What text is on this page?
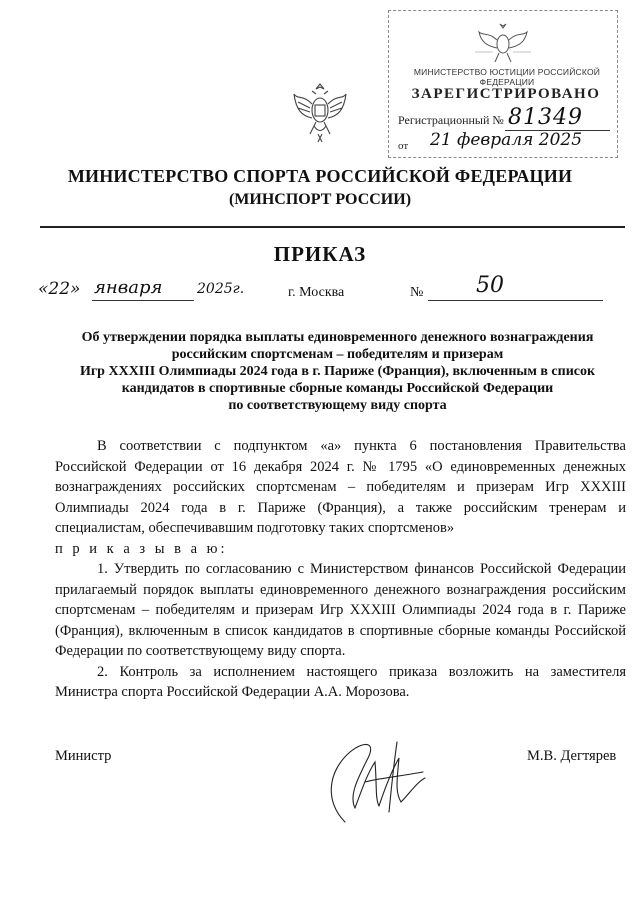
МИНИСТЕРСТВО ЮСТИЦИИ РОССИЙСКОЙ ФЕДЕРАЦИИ
ЗАРЕГИСТРИРОВАНО
Регистрационный № 81349
от 21 февраля 2025
МИНИСТЕРСТВО СПОРТА РОССИЙСКОЙ ФЕДЕРАЦИИ
(МИНСПОРТ РОССИИ)
ПРИКАЗ
«22» января 2025г.	г. Москва	№ 50
Об утверждении порядка выплаты единовременного денежного вознаграждения
российским спортсменам – победителям и призерам
Игр XXXIII Олимпиады 2024 года в г. Париже (Франция), включенным в список
кандидатов в спортивные сборные команды Российской Федерации
по соответствующему виду спорта

В соответствии с подпунктом «а» пункта 6 постановления Правительства Российской Федерации от 16 декабря 2024 г. № 1795 «О единовременных денежных вознаграждениях российских спортсменам – победителям и призерам Игр XXXIII Олимпиады 2024 года в г. Париже (Франция), а также российским тренерам и специалистам, обеспечивавшим подготовку таких спортсменов»

п р и к а з ы в а ю:

1. Утвердить по согласованию с Министерством финансов Российской Федерации прилагаемый порядок выплаты единовременного денежного вознаграждения российским спортсменам – победителям и призерам Игр XXXIII Олимпиады 2024 года в г. Париже (Франция), включенным в список кандидатов в спортивные сборные команды Российской Федерации по соответствующему виду спорта.

2. Контроль за исполнением настоящего приказа возложить на заместителя Министра спорта Российской Федерации А.А. Морозова.

Министр	М.В. Дегтярев
